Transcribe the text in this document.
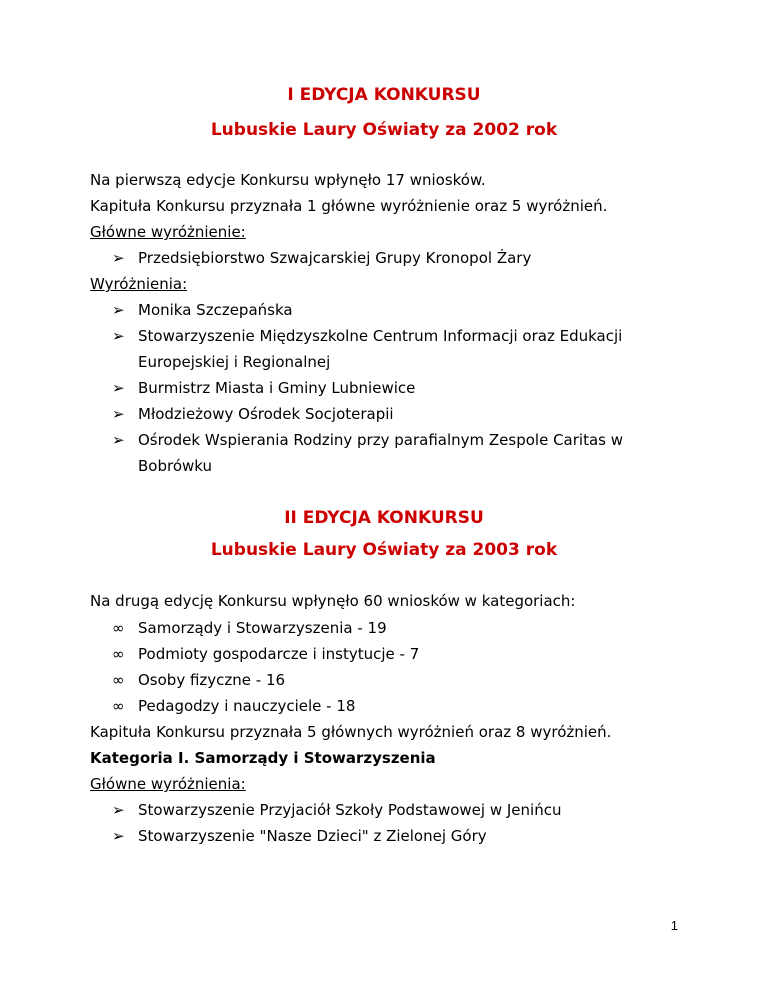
I EDYCJA KONKURSU
Lubuskie Laury Oświaty za 2002 rok
Na pierwszą edycje Konkursu wpłynęło 17 wniosków.
Kapituła Konkursu przyznała 1 główne wyróżnienie oraz 5 wyróżnień.
Główne wyróżnienie:
➢ Przedsiębiorstwo Szwajcarskiej Grupy Kronopol Żary
Wyróżnienia:
➢ Monika Szczepańska
➢ Stowarzyszenie Międzyszkolne Centrum Informacji oraz Edukacji
Europejskiej i Regionalnej
➢ Burmistrz Miasta i Gminy Lubniewice
➢ Młodzieżowy Ośrodek Socjoterapii
➢ Ośrodek Wspierania Rodziny przy parafialnym Zespole Caritas w
Bobrówku
II EDYCJA KONKURSU
Lubuskie Laury Oświaty za 2003 rok
Na drugą edycję Konkursu wpłynęło 60 wniosków w kategoriach:
∞ Samorządy i Stowarzyszenia - 19
∞ Podmioty gospodarcze i instytucje - 7
∞ Osoby fizyczne - 16
∞ Pedagodzy i nauczyciele - 18
Kapituła Konkursu przyznała 5 głównych wyróżnień oraz 8 wyróżnień.
Kategoria I. Samorządy i Stowarzyszenia
Główne wyróżnienia:
➢ Stowarzyszenie Przyjaciół Szkoły Podstawowej w Jenińcu
➢ Stowarzyszenie "Nasze Dzieci" z Zielonej Góry
1
